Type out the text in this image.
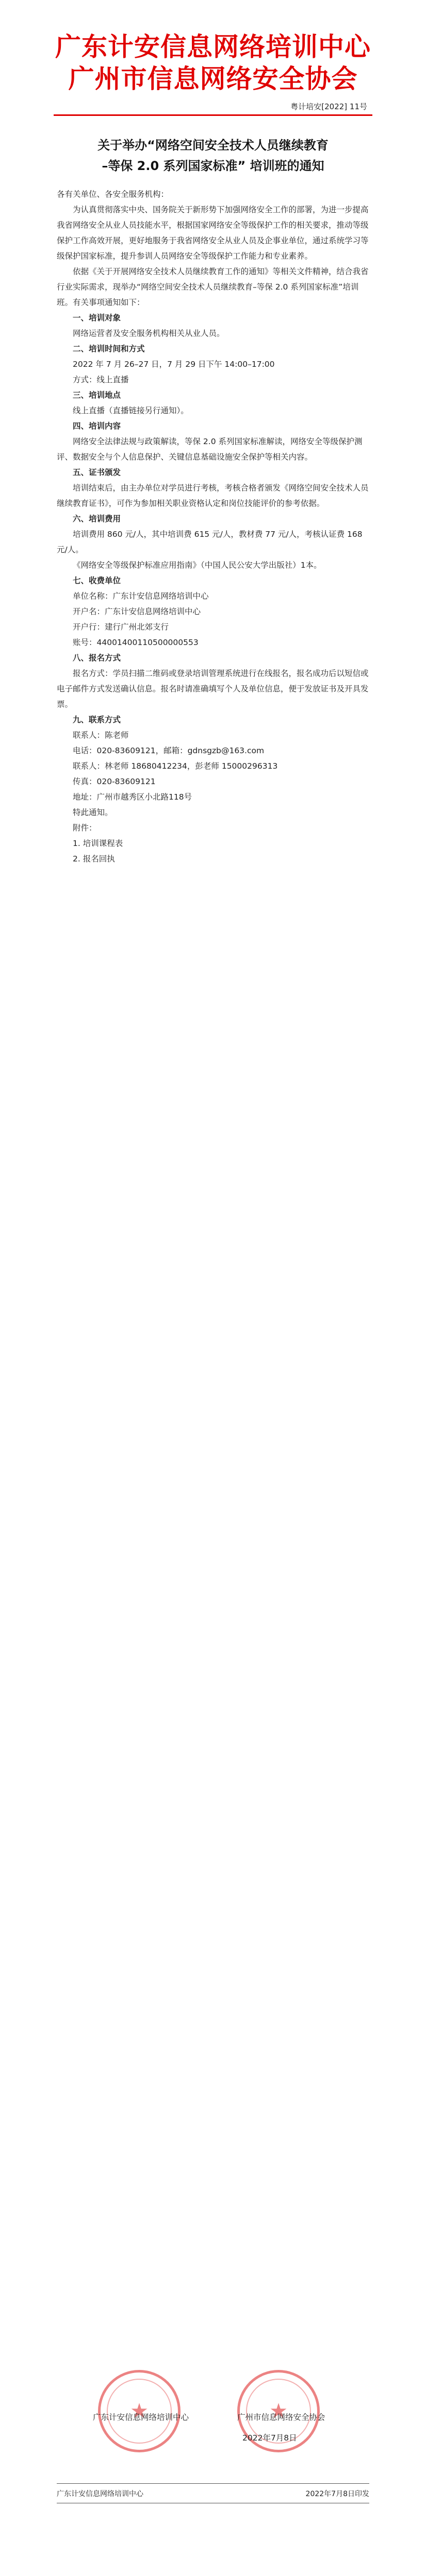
广东计安信息网络培训中心
广州市信息网络安全协会
粤计培安[2022] 11号
关于举办“网络空间安全技术人员继续教育
–等保 2.0 系列国家标准” 培训班的通知

各有关单位、各安全服务机构：

为认真贯彻落实中央、国务院关于新形势下加强网络安全工作的部署，为进一步提高我省网络安全从业人员技能水平，根据国家网络安全等级保护工作的相关要求，推动等级保护工作高效开展，更好地服务于我省网络安全从业人员及企事业单位，通过系统学习等级保护国家标准，提升参训人员网络安全等级保护工作能力和专业素养。

依据《关于开展网络安全技术人员继续教育工作的通知》等相关文件精神，结合我省行业实际需求，现举办“网络空间安全技术人员继续教育–等保 2.0 系列国家标准”培训班。有关事项通知如下：

一、培训对象

网络运营者及安全服务机构相关从业人员。

二、培训时间和方式

2022 年 7 月 26–27 日，7 月 29 日下午 14:00–17:00

方式：线上直播

三、培训地点

线上直播（直播链接另行通知）。

四、培训内容

网络安全法律法规与政策解读，等保 2.0 系列国家标准解读，网络安全等级保护测评、数据安全与个人信息保护、关键信息基础设施安全保护等相关内容。

五、证书颁发

培训结束后，由主办单位对学员进行考核，考核合格者颁发《网络空间安全技术人员继续教育证书》，可作为参加相关职业资格认定和岗位技能评价的参考依据。

六、培训费用

培训费用 860 元/人，其中培训费 615 元/人，教材费 77 元/人，考核认证费 168 元/人。

《网络安全等级保护标准应用指南》（中国人民公安大学出版社）1本。

七、收费单位

单位名称：广东计安信息网络培训中心

开户名：广东计安信息网络培训中心

开户行：建行广州北郊支行

账号：44001400110500000553

八、报名方式

报名方式：学员扫描二维码或登录培训管理系统进行在线报名，报名成功后以短信或电子邮件方式发送确认信息。报名时请准确填写个人及单位信息，便于发放证书及开具发票。

九、联系方式

联系人：陈老师

电话：020-83609121，邮箱：gdnsgzb@163.com

联系人：林老师 18680412234，彭老师 15000296313

传真：020-83609121

地址：广州市越秀区小北路118号

特此通知。

附件：

1. 培训课程表

2. 报名回执

★
★
广东计安信息网络培训中心	广州市信息网络安全协会
2022年7月8日
广东计安信息网络培训中心	2022年7月8日印发
